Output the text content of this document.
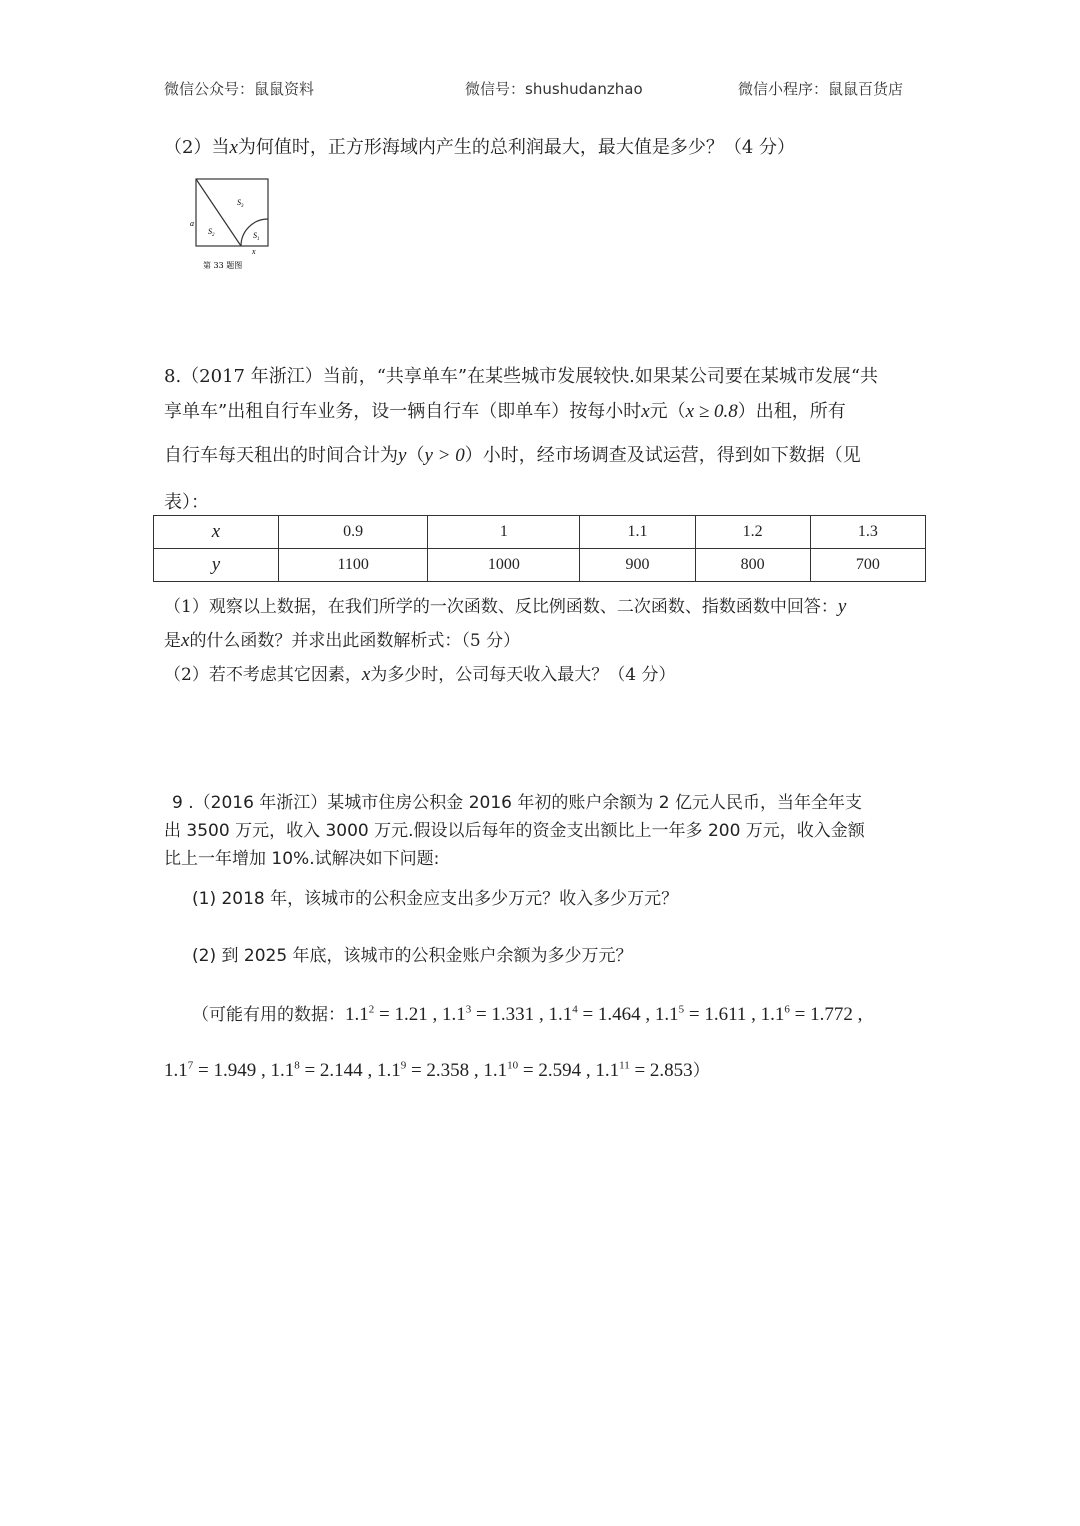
微信公众号：鼠鼠资料	微信号：shushudanzhao	微信小程序：鼠鼠百货店
（2）当x为何值时，正方形海域内产生的总利润最大，最大值是多少？（4 分）
a
x
$S_3$
$S_2$	$S_1$
第 33 题图
8.（2017 年浙江）当前，“共享单车”在某些城市发展较快.如果某公司要在某城市发展“共
享单车”出租自行车业务，设一辆自行车（即单车）按每小时x元（x ≥ 0.8）出租，所有
自行车每天租出的时间合计为y（y > 0）小时，经市场调查及试运营，得到如下数据（见
表）：
x	0.9	1	1.1	1.2	1.3
y	1100	1000	900	800	700
（1）观察以上数据，在我们所学的一次函数、反比例函数、二次函数、指数函数中回答：y
是x的什么函数？并求出此函数解析式：（5 分）
（2）若不考虑其它因素，x为多少时，公司每天收入最大？（4 分）
9 .（2016 年浙江）某城市住房公积金 2016 年初的账户余额为 2 亿元人民币，当年全年支
出 3500 万元，收入 3000 万元.假设以后每年的资金支出额比上一年多 200 万元，收入金额
比上一年增加 10%.试解决如下问题:
(1) 2018 年，该城市的公积金应支出多少万元？收入多少万元？
(2) 到 2025 年底，该城市的公积金账户余额为多少万元？
（可能有用的数据：$1.1^2 = 1.21$ , $1.1^3 = 1.331$ , $1.1^4 = 1.464$ , $1.1^5 = 1.611$ , $1.1^6 = 1.772$ ,
$1.1^7 = 1.949$ , $1.1^8 = 2.144$ , $1.1^9 = 2.358$ , $1.1^{10} = 2.594$ , $1.1^{11} = 2.853$）
